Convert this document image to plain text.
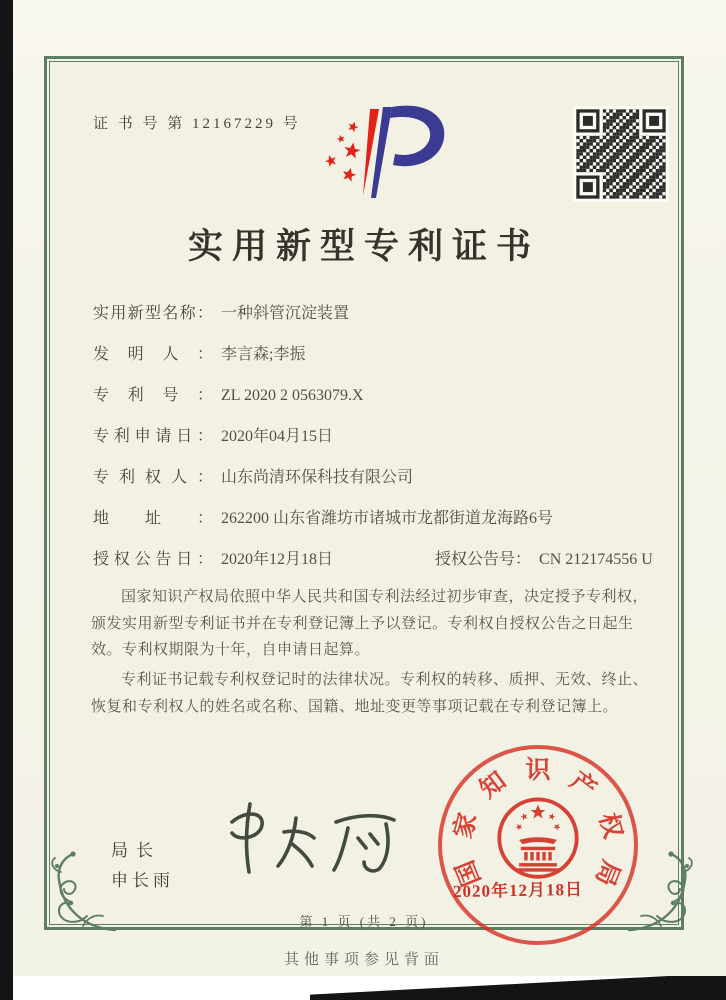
证 书 号 第 12167229 号
实用新型专利证书
实用新型名称： 一种斜管沉淀装置
发明人： 李言森;李振
专利号： ZL 2020 2 0563079.X
专利申请日： 2020年04月15日
专利权人： 山东尚清环保科技有限公司
地址： 262200 山东省潍坊市诸城市龙都街道龙海路6号
授权公告日： 2020年12月18日	授权公告号： CN 212174556 U

国家知识产权局依照中华人民共和国专利法经过初步审查，决定授予专利权，颁发实用新型专利证书并在专利登记簿上予以登记。专利权自授权公告之日起生效。专利权期限为十年，自申请日起算。

专利证书记载专利权登记时的法律状况。专利权的转移、质押、无效、终止、恢复和专利权人的姓名或名称、国籍、地址变更等事项记载在专利登记簿上。

局长
申长雨	国
家
知 识 产
权
局
2020年12月18日
第 1 页 (共 2 页)
其他事项参见背面
